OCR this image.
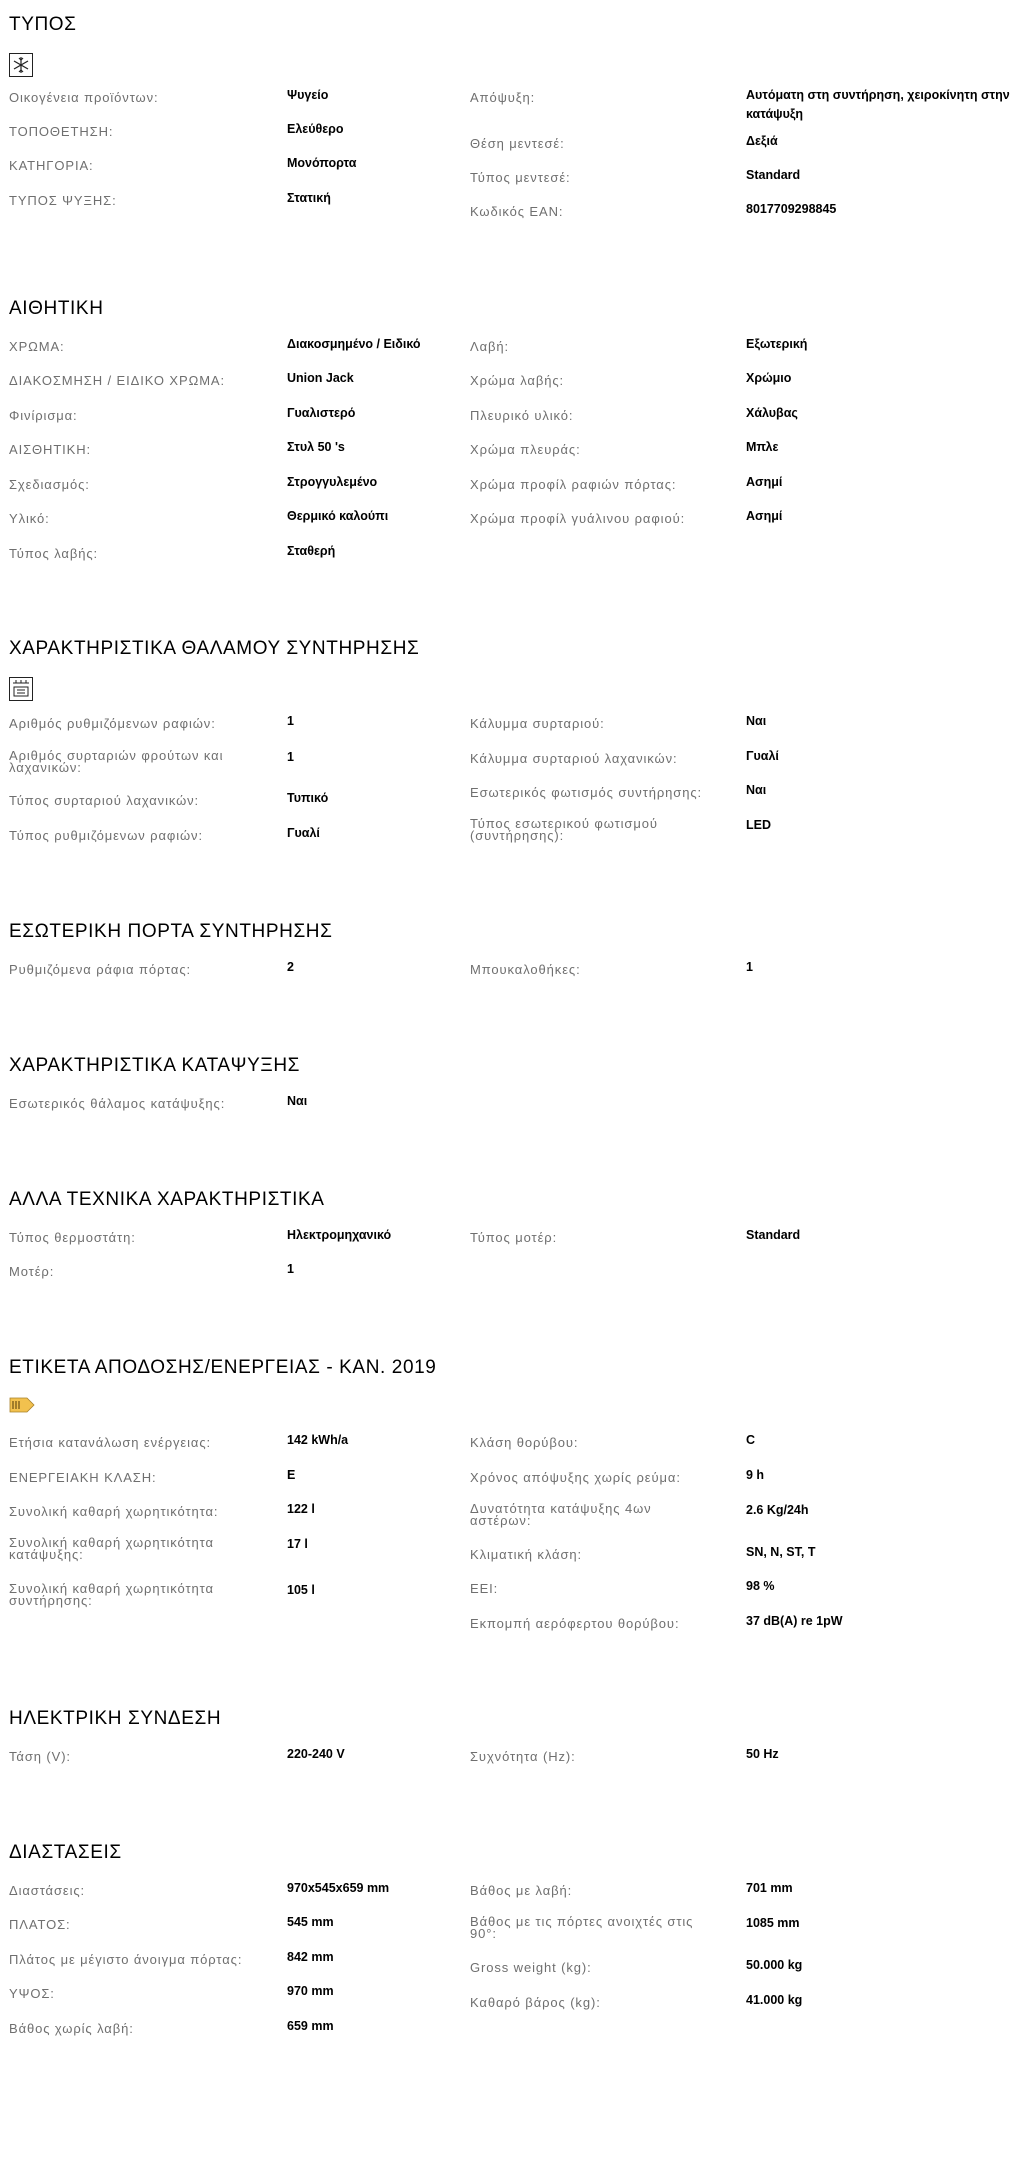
ΤΥΠΟΣ
Οικογένεια προϊόντων:	Ψυγείο
ΤΟΠΟΘΕΤΗΣΗ:	Ελεύθερο
ΚΑΤΗΓΟΡΙΑ:	Μονόπορτα
ΤΥΠΟΣ ΨΥΞΗΣ:	Στατική
Απόψυξη:	Αυτόματη στη συντήρηση, χειροκίνητη στην κατάψυξη
Θέση μεντεσέ:	Δεξιά
Τύπος μεντεσέ:	Standard
Κωδικός EAN:	8017709298845
ΑΙΘΗΤΙΚΗ
ΧΡΩΜΑ:	Διακοσμημένο / Ειδικό
ΔΙΑΚΟΣΜΗΣΗ / ΕΙΔΙΚΟ ΧΡΩΜΑ:	Union Jack
Φινίρισμα:	Γυαλιστερό
ΑΙΣΘΗΤΙΚΗ:	Στυλ 50 's
Σχεδιασμός:	Στρογγυλεμένο
Υλικό:	Θερμικό καλούπι
Τύπος λαβής:	Σταθερή
Λαβή:	Εξωτερική
Χρώμα λαβής:	Χρώμιο
Πλευρικό υλικό:	Χάλυβας
Χρώμα πλευράς:	Μπλε
Χρώμα προφίλ ραφιών πόρτας:	Ασημί
Χρώμα προφίλ γυάλινου ραφιού:	Ασημί
ΧΑΡΑΚΤΗΡΙΣΤΙΚΑ ΘΑΛΑΜΟΥ ΣΥΝΤΗΡΗΣΗΣ
Αριθμός ρυθμιζόμενων ραφιών:	1
Αριθμός συρταριών φρούτων και λαχανικών:
1
Τύπος συρταριού λαχανικών:	Τυπικό
Τύπος ρυθμιζόμενων ραφιών:	Γυαλί
Κάλυμμα συρταριού:	Ναι
Κάλυμμα συρταριού λαχανικών:	Γυαλί
Εσωτερικός φωτισμός συντήρησης:	Ναι
Τύπος εσωτερικού φωτισμού (συντήρησης):
LED
ΕΣΩΤΕΡΙΚΗ ΠΟΡΤΑ ΣΥΝΤΗΡΗΣΗΣ
Ρυθμιζόμενα ράφια πόρτας:	2	Μπουκαλοθήκες:	1
ΧΑΡΑΚΤΗΡΙΣΤΙΚΑ ΚΑΤΑΨΥΞΗΣ
Εσωτερικός θάλαμος κατάψυξης:	Ναι
ΑΛΛΑ ΤΕΧΝΙΚΑ ΧΑΡΑΚΤΗΡΙΣΤΙΚΑ
Τύπος θερμοστάτη:	Ηλεκτρομηχανικό
Μοτέρ:	1
Τύπος μοτέρ:	Standard
ΕΤΙΚΕΤΑ ΑΠΟΔΟΣΗΣ/ΕΝΕΡΓΕΙΑΣ - ΚΑΝ. 2019
Ετήσια κατανάλωση ενέργειας:	142 kWh/a
ΕΝΕΡΓΕΙΑΚΗ ΚΛΑΣΗ:	E
Συνολική καθαρή χωρητικότητα:	122 l
Συνολική καθαρή χωρητικότητα κατάψυξης:
17 l
Συνολική καθαρή χωρητικότητα συντήρησης:
105 l
Κλάση θορύβου:	C
Χρόνος απόψυξης χωρίς ρεύμα:	9 h
Δυνατότητα κατάψυξης 4ων αστέρων:
2.6 Kg/24h
Κλιματική κλάση:	SN, N, ST, T
EEI:	98 %
Εκπομπή αερόφερτου θορύβου:	37 dB(A) re 1pW
ΗΛΕΚΤΡΙΚΗ ΣΥΝΔΕΣΗ
Τάση (V):	220-240 V	Συχνότητα (Hz):	50 Hz
ΔΙΑΣΤΑΣΕΙΣ
Διαστάσεις:	970x545x659 mm
ΠΛΑΤΟΣ:	545 mm
Πλάτος με μέγιστο άνοιγμα πόρτας:	842 mm
ΥΨΟΣ:	970 mm
Βάθος χωρίς λαβή:	659 mm
Βάθος με λαβή:	701 mm
Βάθος με τις πόρτες ανοιχτές στις 90°:
1085 mm
Gross weight (kg):	50.000 kg
Καθαρό βάρος (kg):	41.000 kg
